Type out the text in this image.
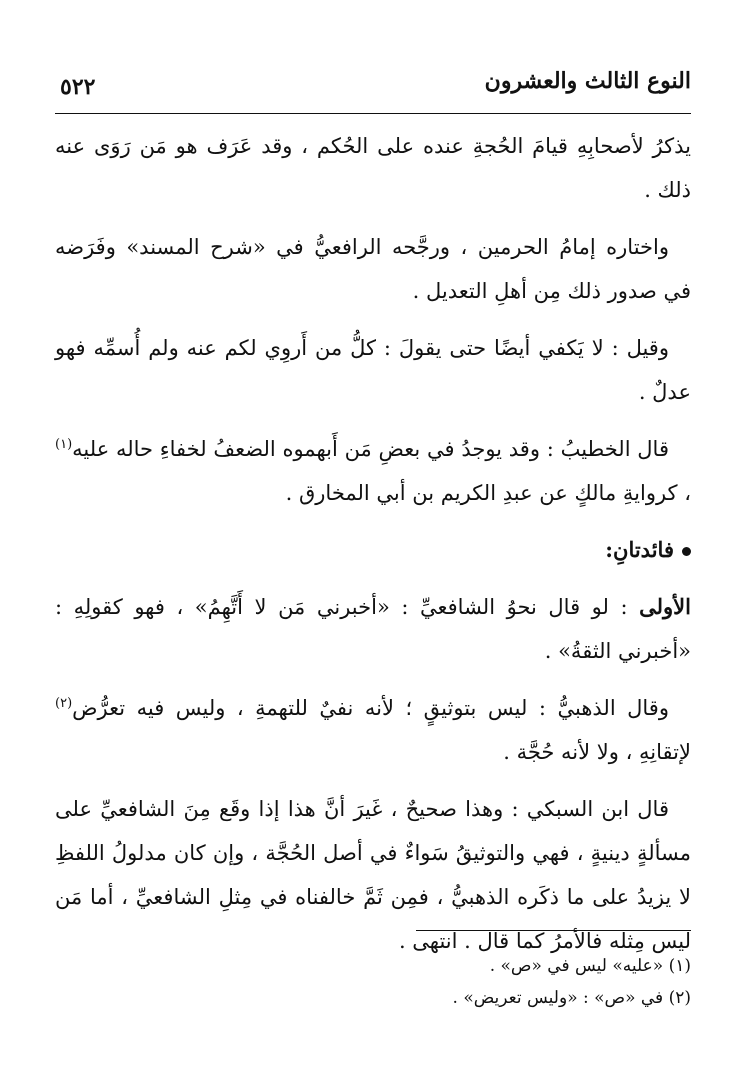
النوع الثالث والعشرون
٥٢٢

يذكرُ لأصحابِهِ قيامَ الحُجةِ عنده على الحُكم ، وقد عَرَف هو مَن رَوَى عنه ذلك .

واختاره إمامُ الحرمين ، ورجَّحه الرافعيُّ في «شرح المسند» وفَرَضه في صدور ذلك مِن أهلِ التعديل .

وقيل : لا يَكفي أيضًا حتى يقولَ : كلُّ من أَروِي لكم عنه ولم أُسمِّه فهو عدلٌ .

قال الخطيبُ : وقد يوجدُ في بعضِ مَن أَبهموه الضعفُ لخفاءِ حاله عليه$^{(١)}$ ، كروايةِ مالكٍ عن عبدِ الكريم بن أبي المخارق .

فائدتانِ:

الأولى : لو قال نحوُ الشافعيِّ : «أخبرني مَن لا أَتَّهِمُ» ، فهو كقولِهِ : «أخبرني الثقةُ» .

وقال الذهبيُّ : ليس بتوثيقٍ ؛ لأنه نفيٌ للتهمةِ ، وليس فيه تعرُّض$^{(٢)}$ لإتقانِهِ ، ولا لأنه حُجَّة .

قال ابن السبكي : وهذا صحيحٌ ، غَيرَ أنَّ هذا إذا وقَع مِنَ الشافعيِّ على مسألةٍ دينيةٍ ، فهي والتوثيقُ سَواءٌ في أصل الحُجَّة ، وإن كان مدلولُ اللفظِ لا يزيدُ على ما ذكَره الذهبيُّ ، فمِن ثَمَّ خالفناه في مِثلِ الشافعيِّ ، أما مَن ليس مِثله فالأمرُ كما قال . انتهى .

(١) «عليه» ليس في «ص» .
(٢) في «ص» : «وليس تعريض» .
